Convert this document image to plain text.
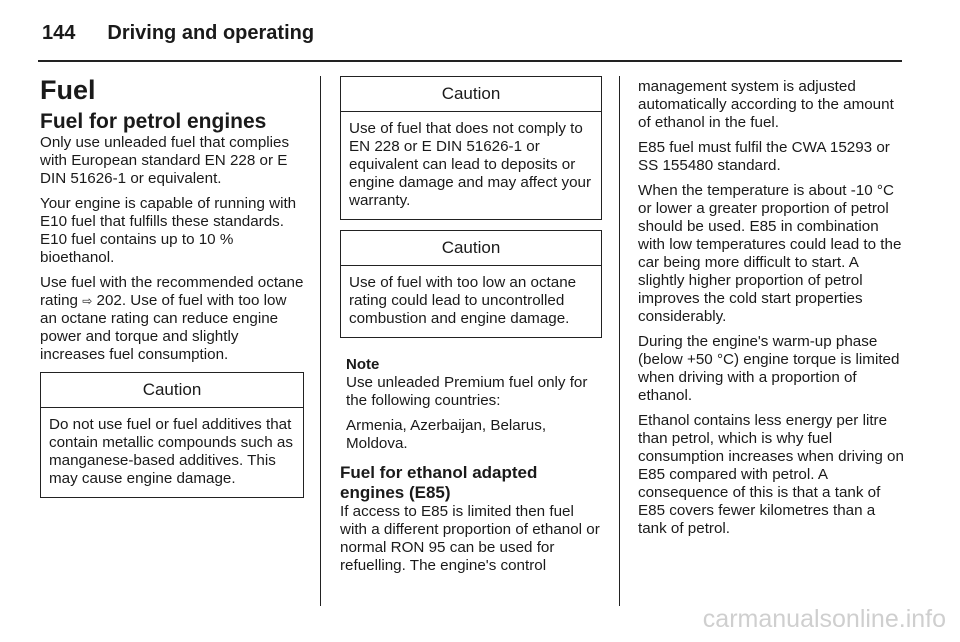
144 Driving and operating
Fuel
Fuel for petrol engines

Only use unleaded fuel that complies with European standard EN 228 or E DIN 51626-1 or equivalent.

Your engine is capable of running with E10 fuel that fulfills these standards. E10 fuel contains up to 10 % bioethanol.

Use fuel with the recommended octane rating ⇨ 202. Use of fuel with too low an octane rating can reduce engine power and torque and slightly increases fuel consumption.

Caution
Do not use fuel or fuel additives that contain metallic compounds such as manganese-based additives. This may cause engine damage.
Caution
Use of fuel that does not comply to EN 228 or E DIN 51626-1 or equivalent can lead to deposits or engine damage and may affect your warranty.
Caution
Use of fuel with too low an octane rating could lead to uncontrolled combustion and engine damage.
Note

Use unleaded Premium fuel only for the following countries:

Armenia, Azerbaijan, Belarus, Moldova.

Fuel for ethanol adapted engines (E85)

If access to E85 is limited then fuel with a different proportion of ethanol or normal RON 95 can be used for refuelling. The engine's control

management system is adjusted automatically according to the amount of ethanol in the fuel.

E85 fuel must fulfil the CWA 15293 or SS 155480 standard.

When the temperature is about -10 °C or lower a greater proportion of petrol should be used. E85 in combination with low temperatures could lead to the car being more difficult to start. A slightly higher proportion of petrol improves the cold start properties considerably.

During the engine's warm-up phase (below +50 °C) engine torque is limited when driving with a proportion of ethanol.

Ethanol contains less energy per litre than petrol, which is why fuel consumption increases when driving on E85 compared with petrol. A consequence of this is that a tank of E85 covers fewer kilometres than a tank of petrol.

carmanualsonline.info
